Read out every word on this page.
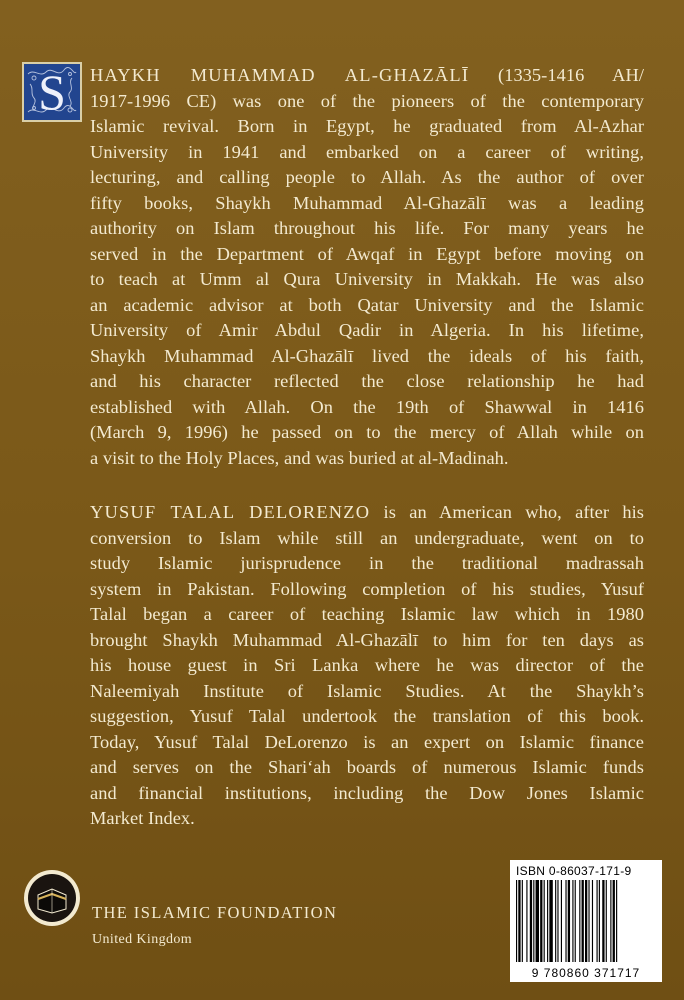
S HAYKH MUHAMMAD AL-GHAZĀLĪ (1335-1416 AH/
1917-1996 CE) was one of the pioneers of the contemporary
Islamic revival. Born in Egypt, he graduated from Al-Azhar
University in 1941 and embarked on a career of writing,
lecturing, and calling people to Allah. As the author of over
fifty books, Shaykh Muhammad Al-Ghazālī was a leading
authority on Islam throughout his life. For many years he
served in the Department of Awqaf in Egypt before moving on
to teach at Umm al Qura University in Makkah. He was also
an academic advisor at both Qatar University and the Islamic
University of Amir Abdul Qadir in Algeria. In his lifetime,
Shaykh Muhammad Al-Ghazālī lived the ideals of his faith,
and his character reflected the close relationship he had
established with Allah. On the 19th of Shawwal in 1416
(March 9, 1996) he passed on to the mercy of Allah while on
a visit to the Holy Places, and was buried at al-Madinah.
YUSUF TALAL DELORENZO is an American who, after his
conversion to Islam while still an undergraduate, went on to
study Islamic jurisprudence in the traditional madrassah
system in Pakistan. Following completion of his studies, Yusuf
Talal began a career of teaching Islamic law which in 1980
brought Shaykh Muhammad Al-Ghazālī to him for ten days as
his house guest in Sri Lanka where he was director of the
Naleemiyah Institute of Islamic Studies. At the Shaykh’s
suggestion, Yusuf Talal undertook the translation of this book.
Today, Yusuf Talal DeLorenzo is an expert on Islamic finance
and serves on the Shari‘ah boards of numerous Islamic funds
and financial institutions, including the Dow Jones Islamic
Market Index.
THE ISLAMIC FOUNDATION
United Kingdom
ISBN 0-86037-171-9
9 780860 371717
